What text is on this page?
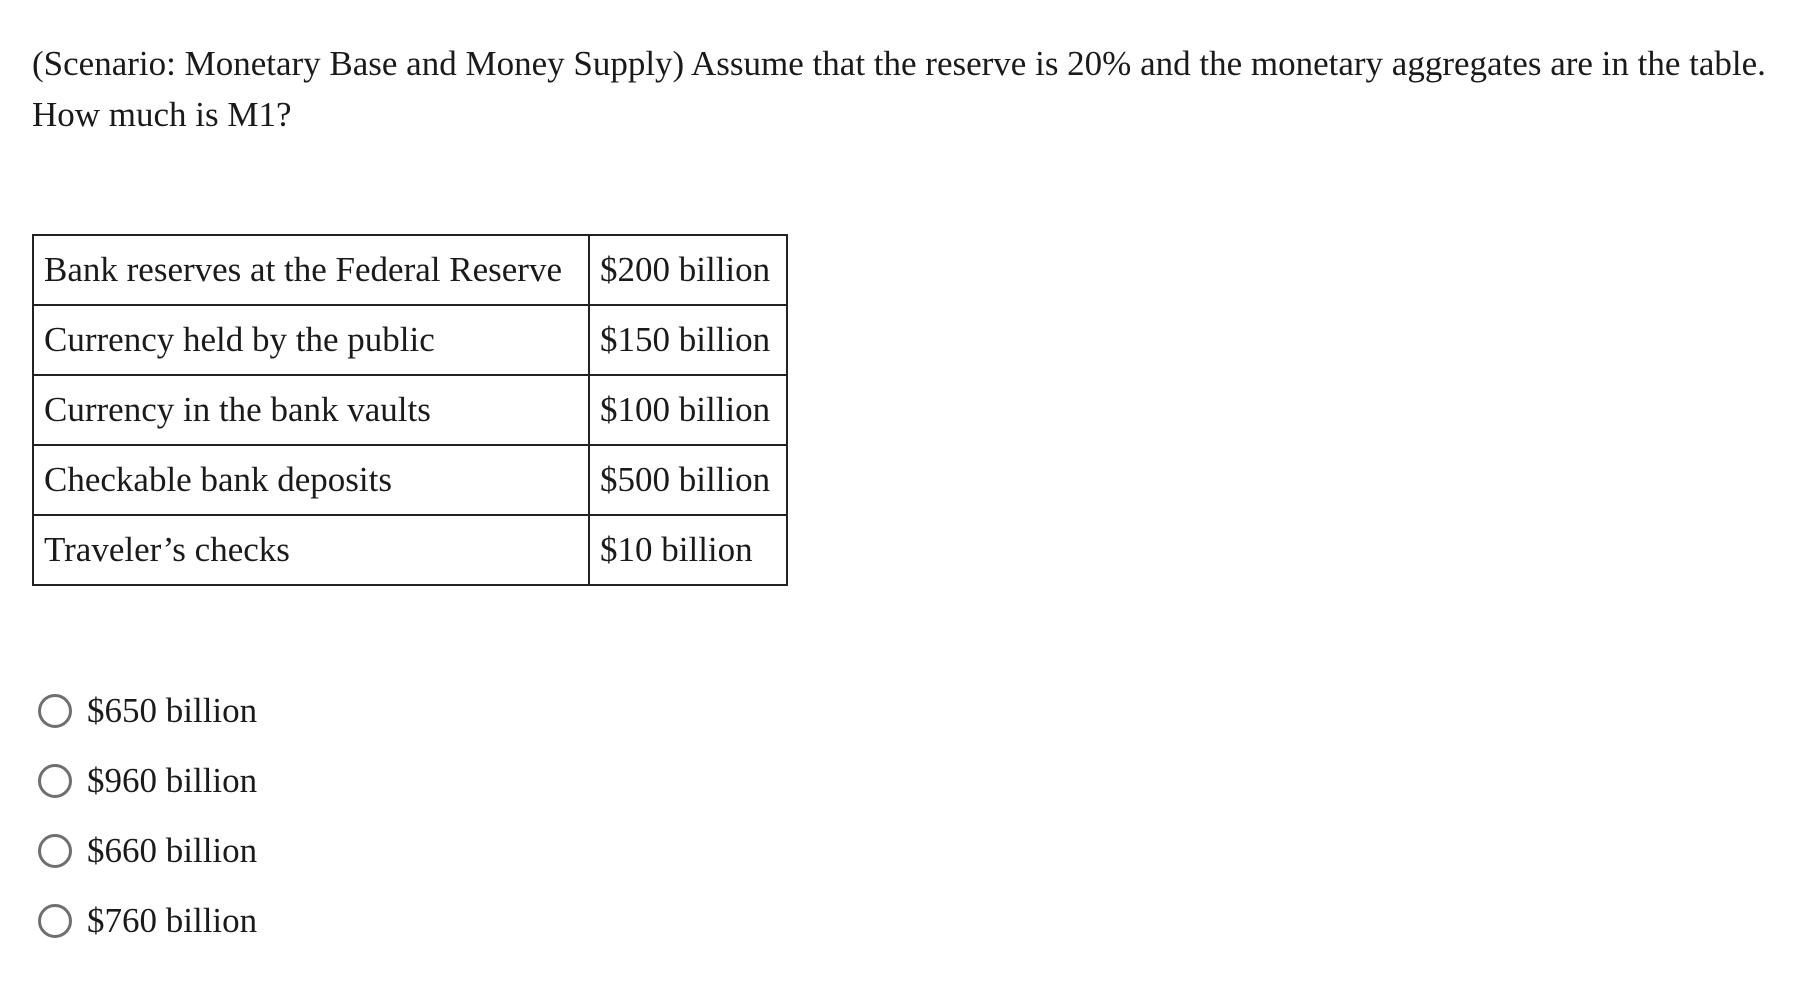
(Scenario: Monetary Base and Money Supply) Assume that the reserve is 20% and the monetary aggregates are in the table. How much is M1?
Bank reserves at the Federal Reserve	$200 billion
Currency held by the public	$150 billion
Currency in the bank vaults	$100 billion
Checkable bank deposits	$500 billion
Traveler’s checks	$10 billion
$650 billion
$960 billion
$660 billion
$760 billion
